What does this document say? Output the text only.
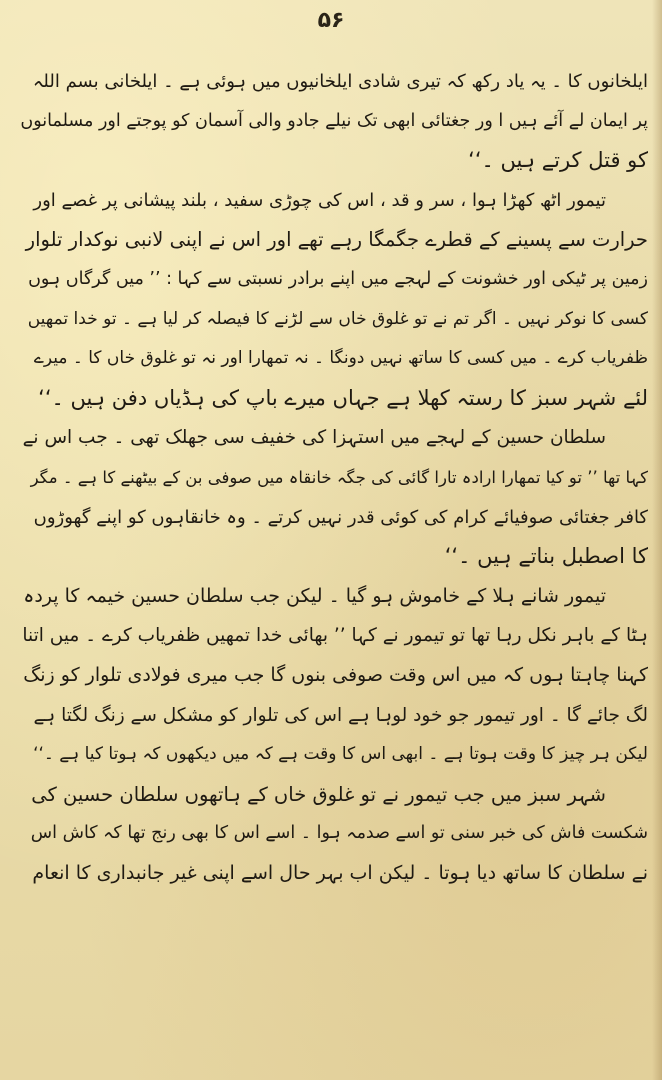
۵۶
ایلخانوں کا ۔ یہ یاد رکھ کہ تیری شادی ایلخانیوں میں ہوئی ہے ۔ ایلخانی بسم اللہ
پر ایمان لے آئے ہیں ا ور جغتائی ابھی تک نیلے جادو والی آسمان کو پوجتے اور مسلمانوں
کو قتل کرتے ہیں ۔‘‘
تیمور اٹھ کھڑا ہوا ، سر و قد ، اس کی چوڑی سفید ، بلند پیشانی پر غصے اور
حرارت سے پسینے کے قطرے جگمگا رہے تھے اور اس نے اپنی لانبی نوکدار تلوار
زمین پر ٹیکی اور خشونت کے لہجے میں اپنے برادر نسبتی سے کہا : ’’ میں گرگاں ہوں
کسی کا نوکر نہیں ۔ اگر تم نے تو غلوق خاں سے لڑنے کا فیصلہ کر لیا ہے ۔ تو خدا تمھیں
ظفریاب کرے ۔ میں کسی کا ساتھ نہیں دونگا ۔ نہ تمھارا اور نہ تو غلوق خاں کا ۔ میرے
لئے شہر سبز کا رستہ کھلا ہے جہاں میرے باپ کی ہڈیاں دفن ہیں ۔‘‘
سلطان حسین کے لہجے میں استہزا کی خفیف سی جھلک تھی ۔ جب اس نے
کہا تھا ’’ تو کیا تمھارا ارادہ تارا گائی کی جگہ خانقاہ میں صوفی بن کے بیٹھنے کا ہے ۔ مگر
کافر جغتائی صوفیائے کرام کی کوئی قدر نہیں کرتے ۔ وہ خانقاہوں کو اپنے گھوڑوں
کا اصطبل بناتے ہیں ۔‘‘
تیمور شانے ہلا کے خاموش ہو گیا ۔ لیکن جب سلطان حسین خیمہ کا پردہ
ہٹا کے باہر نکل رہا تھا تو تیمور نے کہا ’’ بھائی خدا تمھیں ظفریاب کرے ۔ میں اتنا
کہنا چاہتا ہوں کہ میں اس وقت صوفی بنوں گا جب میری فولادی تلوار کو زنگ
لگ جائے گا ۔ اور تیمور جو خود لوہا ہے اس کی تلوار کو مشکل سے زنگ لگتا ہے
لیکن ہر چیز کا وقت ہوتا ہے ۔ ابھی اس کا وقت ہے کہ میں دیکھوں کہ ہوتا کیا ہے ۔‘‘
شہر سبز میں جب تیمور نے تو غلوق خاں کے ہاتھوں سلطان حسین کی
شکست فاش کی خبر سنی تو اسے صدمہ ہوا ۔ اسے اس کا بھی رنج تھا کہ کاش اس
نے سلطان کا ساتھ دیا ہوتا ۔ لیکن اب بہر حال اسے اپنی غیر جانبداری کا انعام
